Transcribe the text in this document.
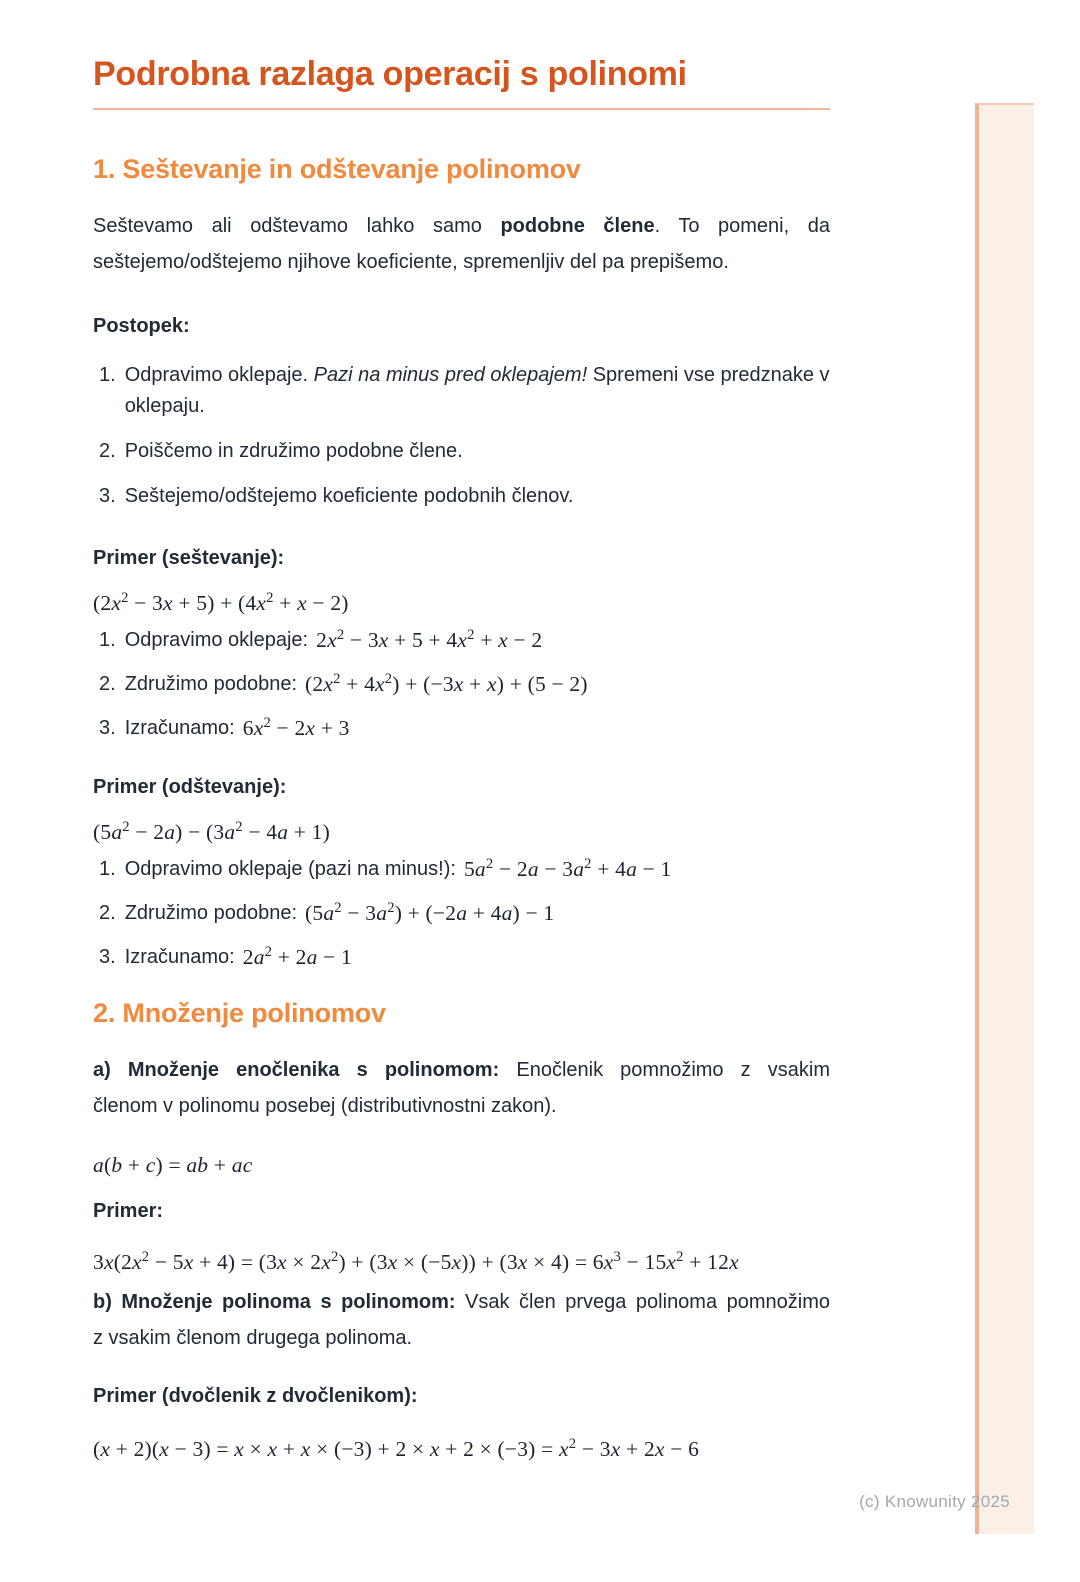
(c) Knowunity 2025
Podrobna razlaga operacij s polinomi
1. Seštevanje in odštevanje polinomov

Seštevamo ali odštevamo lahko samo podobne člene. To pomeni, da

seštejemo/odštejemo njihove koeficiente, spremenljiv del pa prepišemo.

Postopek:

1. Odpravimo oklepaje. Pazi na minus pred oklepajem! Spremeni vse predznake v oklepaju.
2. Poiščemo in združimo podobne člene.
3. Seštejemo/odštejemo koeficiente podobnih členov.

Primer (seštevanje):

$(2x^2 - 3x + 5) + (4x^2 + x - 2)$
1. Odpravimo oklepaje: $2x^2 - 3x + 5 + 4x^2 + x - 2$
2. Združimo podobne: $(2x^2 + 4x^2) + (-3x + x) + (5 - 2)$
3. Izračunamo: $6x^2 - 2x + 3$

Primer (odštevanje):

$(5a^2 - 2a) - (3a^2 - 4a + 1)$
1. Odpravimo oklepaje (pazi na minus!): $5a^2 - 2a - 3a^2 + 4a - 1$
2. Združimo podobne: $(5a^2 - 3a^2) + (-2a + 4a) - 1$
3. Izračunamo: $2a^2 + 2a - 1$
2. Množenje polinomov

a) Množenje enočlenika s polinomom: Enočlenik pomnožimo z vsakim

členom v polinomu posebej (distributivnostni zakon).

a(b + c) = ab + ac

Primer:

$3x(2x^2 - 5x + 4) = (3x \times 2x^2) + (3x \times (-5x)) + (3x \times 4) = 6x^3 - 15x^2 + 12x$

b) Množenje polinoma s polinomom: Vsak člen prvega polinoma pomnožimo

z vsakim členom drugega polinoma.

Primer (dvočlenik z dvočlenikom):

$(x + 2)(x - 3) = x \times x + x \times (-3) + 2 \times x + 2 \times (-3) = x^2 - 3x + 2x - 6$
